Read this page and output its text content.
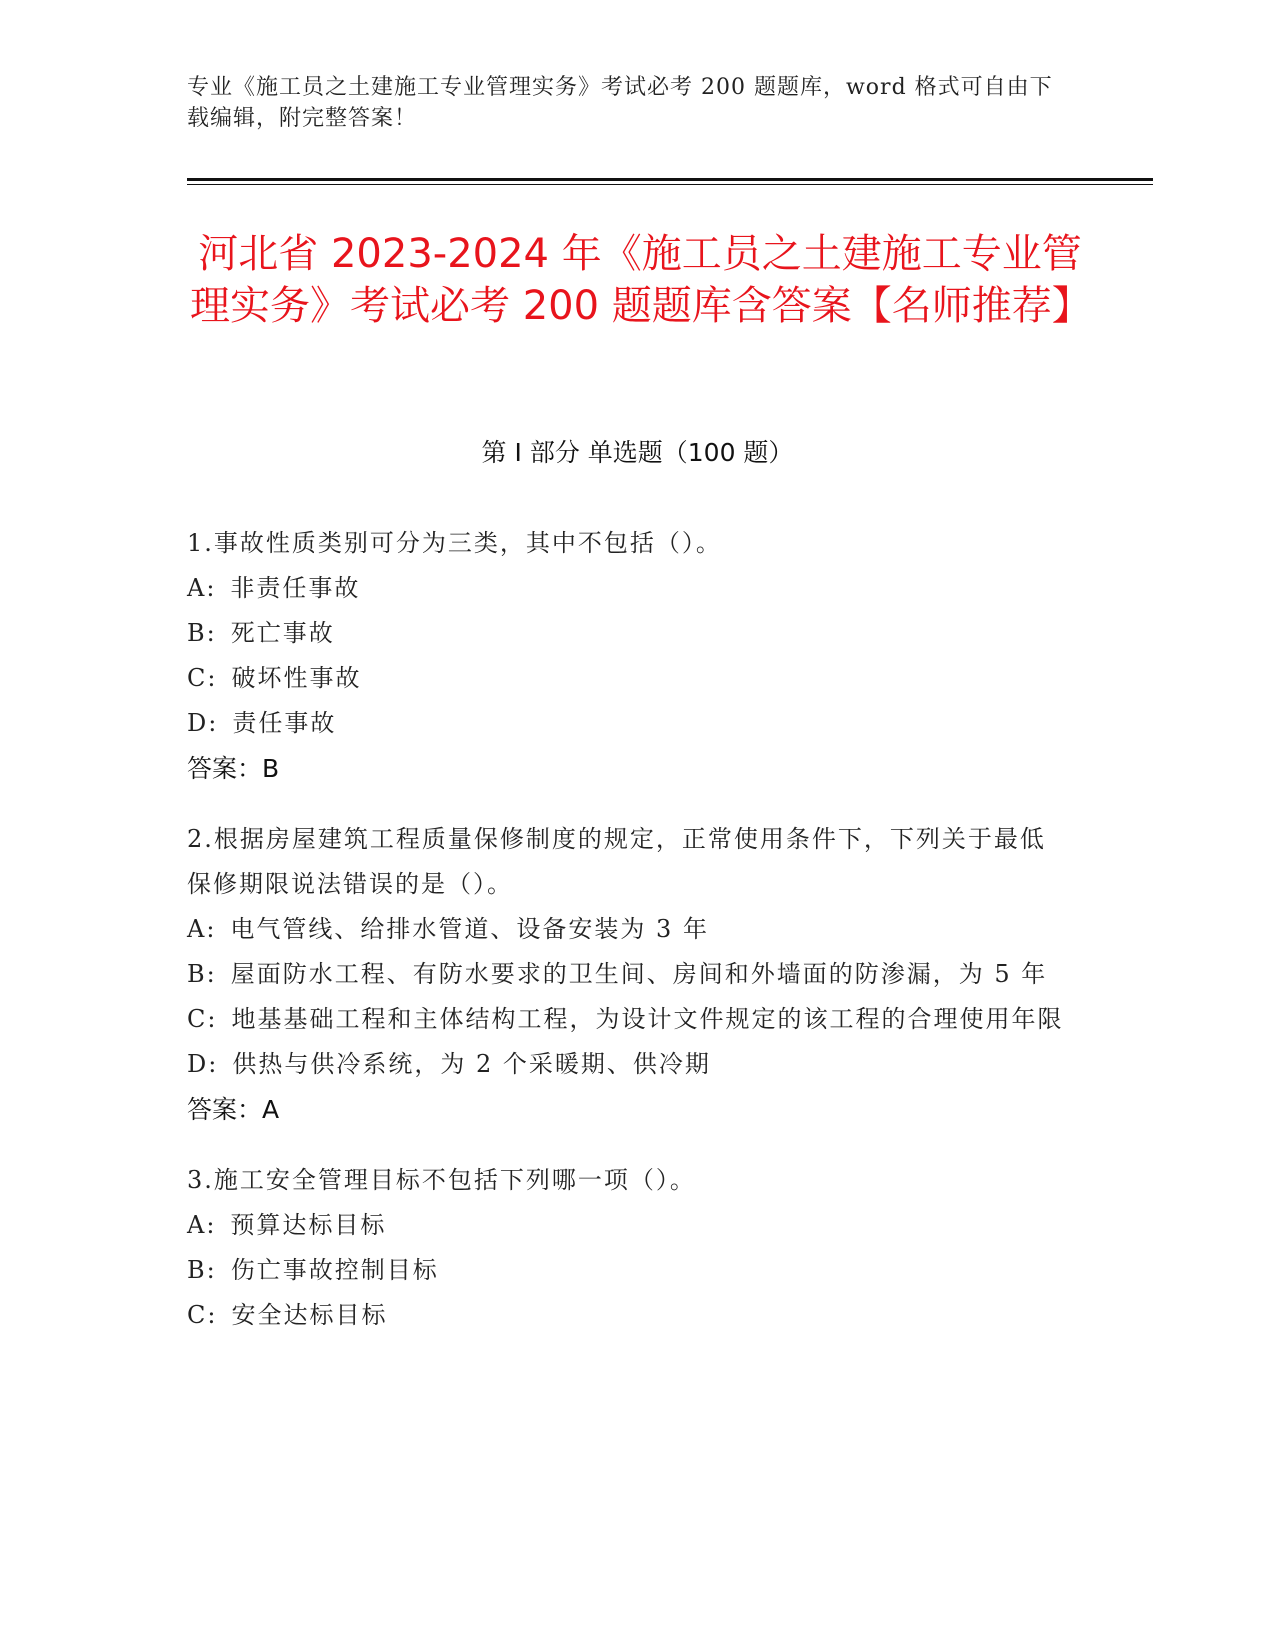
专业《施工员之土建施工专业管理实务》考试必考 200 题题库，word 格式可自由下载编辑，附完整答案！
河北省 2023-2024 年《施工员之土建施工专业管理实务》考试必考 200 题题库含答案【名师推荐】
第 I 部分 单选题（100 题）
1.事故性质类别可分为三类，其中不包括（）。
A: 非责任事故
B: 死亡事故
C: 破坏性事故
D: 责任事故
答案：B
2.根据房屋建筑工程质量保修制度的规定，正常使用条件下，下列关于最低保修期限说法错误的是（）。
A: 电气管线、给排水管道、设备安装为 3 年
B: 屋面防水工程、有防水要求的卫生间、房间和外墙面的防渗漏，为 5 年
C: 地基基础工程和主体结构工程，为设计文件规定的该工程的合理使用年限
D: 供热与供冷系统，为 2 个采暖期、供冷期
答案：A
3.施工安全管理目标不包括下列哪一项（）。
A: 预算达标目标
B: 伤亡事故控制目标
C: 安全达标目标
